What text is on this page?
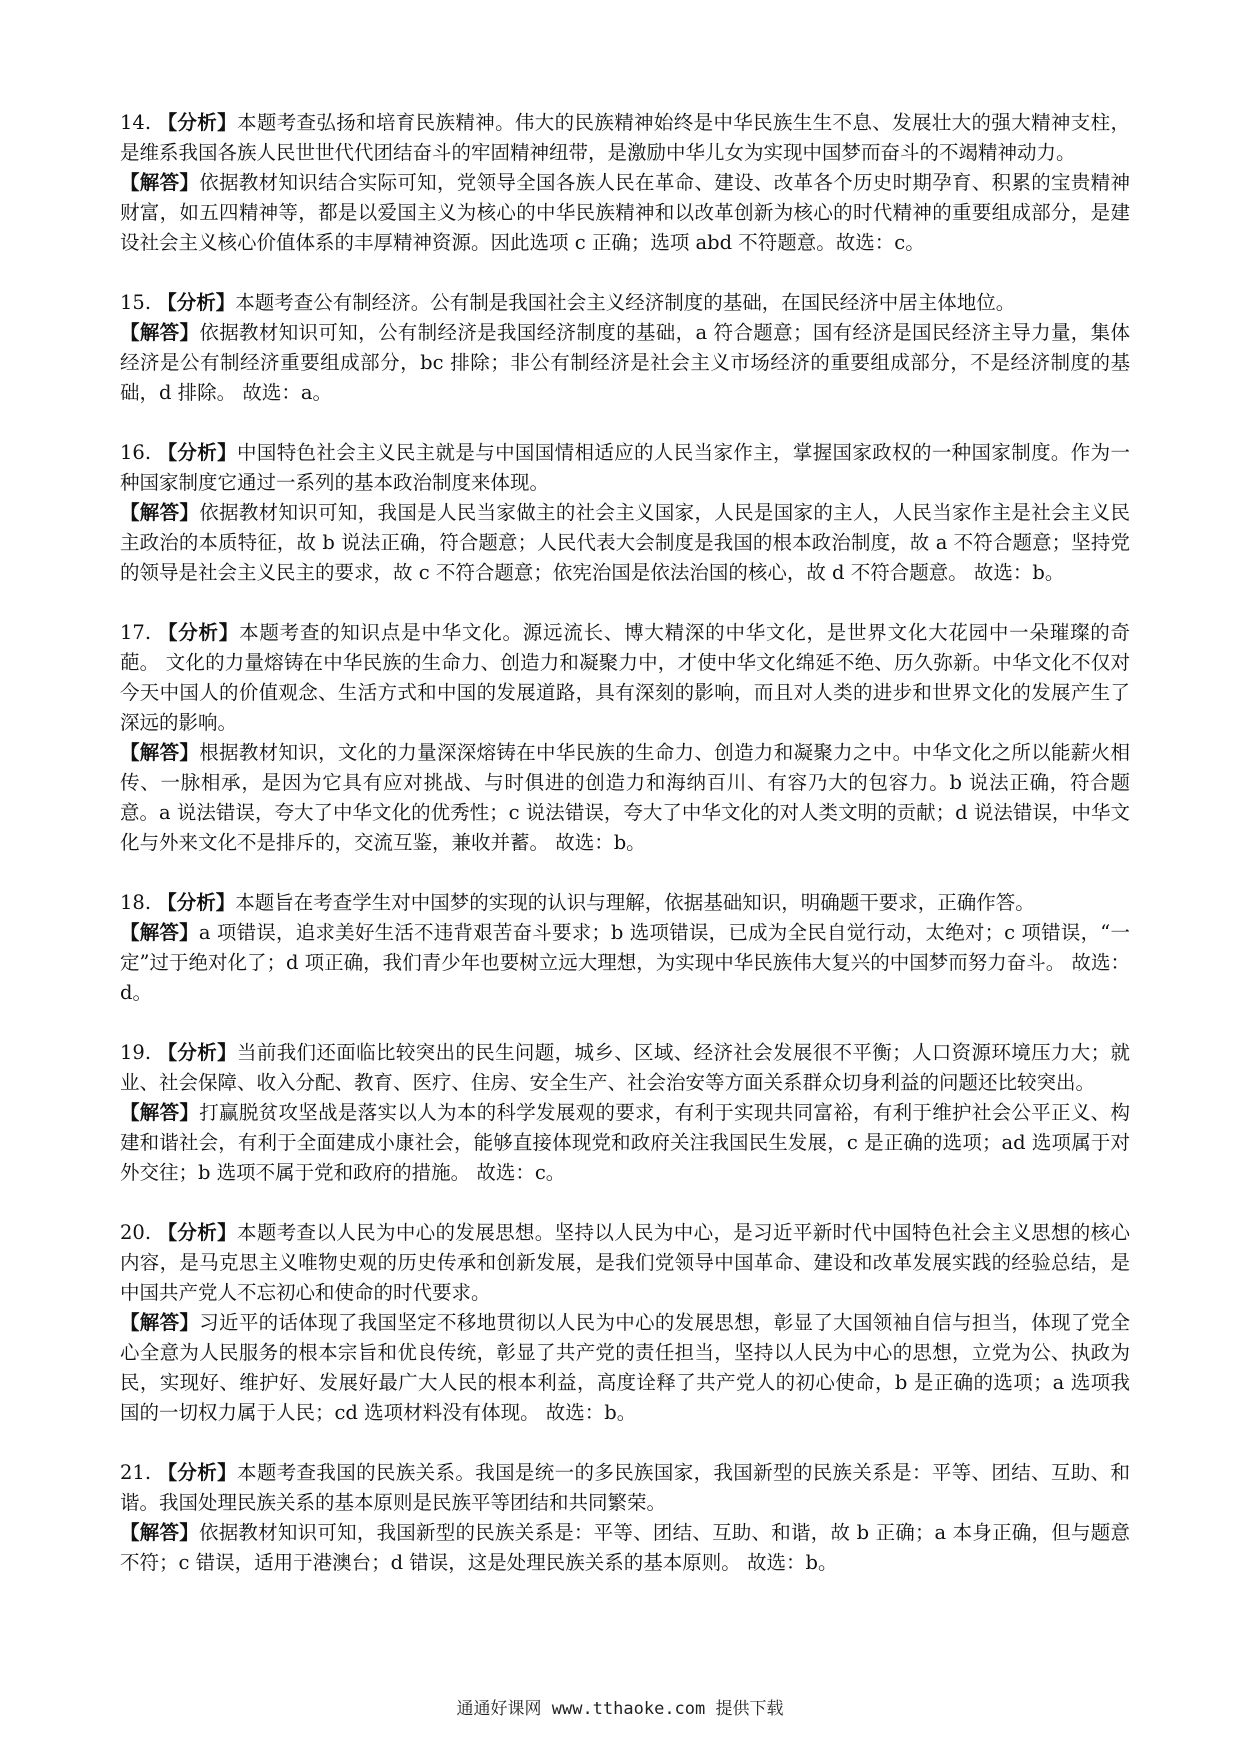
14. 【分析】本题考查弘扬和培育民族精神。伟大的民族精神始终是中华民族生生不息、发展壮大的强大精神支柱，是维系我国各族人民世世代代团结奋斗的牢固精神纽带，是激励中华儿女为实现中国梦而奋斗的不竭精神动力。

【解答】依据教材知识结合实际可知，党领导全国各族人民在革命、建设、改革各个历史时期孕育、积累的宝贵精神财富，如五四精神等，都是以爱国主义为核心的中华民族精神和以改革创新为核心的时代精神的重要组成部分，是建设社会主义核心价值体系的丰厚精神资源。因此选项 c 正确；选项 abd 不符题意。故选：c。

15. 【分析】本题考查公有制经济。公有制是我国社会主义经济制度的基础，在国民经济中居主体地位。

【解答】依据教材知识可知，公有制经济是我国经济制度的基础，a 符合题意；国有经济是国民经济主导力量，集体经济是公有制经济重要组成部分，bc 排除；非公有制经济是社会主义市场经济的重要组成部分，不是经济制度的基础，d 排除。 故选：a。

16. 【分析】中国特色社会主义民主就是与中国国情相适应的人民当家作主，掌握国家政权的一种国家制度。作为一种国家制度它通过一系列的基本政治制度来体现。

【解答】依据教材知识可知，我国是人民当家做主的社会主义国家，人民是国家的主人，人民当家作主是社会主义民主政治的本质特征，故 b 说法正确，符合题意；人民代表大会制度是我国的根本政治制度，故 a 不符合题意；坚持党的领导是社会主义民主的要求，故 c 不符合题意；依宪治国是依法治国的核心，故 d 不符合题意。 故选：b。

17. 【分析】本题考查的知识点是中华文化。源远流长、博大精深的中华文化，是世界文化大花园中一朵璀璨的奇葩。 文化的力量熔铸在中华民族的生命力、创造力和凝聚力中，才使中华文化绵延不绝、历久弥新。中华文化不仅对今天中国人的价值观念、生活方式和中国的发展道路，具有深刻的影响，而且对人类的进步和世界文化的发展产生了深远的影响。

【解答】根据教材知识，文化的力量深深熔铸在中华民族的生命力、创造力和凝聚力之中。中华文化之所以能薪火相传、一脉相承，是因为它具有应对挑战、与时俱进的创造力和海纳百川、有容乃大的包容力。b 说法正确，符合题意。a 说法错误，夸大了中华文化的优秀性；c 说法错误，夸大了中华文化的对人类文明的贡献；d 说法错误，中华文化与外来文化不是排斥的，交流互鉴，兼收并蓄。 故选：b。

18. 【分析】本题旨在考查学生对中国梦的实现的认识与理解，依据基础知识，明确题干要求，正确作答。

【解答】a 项错误，追求美好生活不违背艰苦奋斗要求；b 选项错误，已成为全民自觉行动，太绝对；c 项错误，“一定”过于绝对化了；d 项正确，我们青少年也要树立远大理想，为实现中华民族伟大复兴的中国梦而努力奋斗。 故选：d。

19. 【分析】当前我们还面临比较突出的民生问题，城乡、区域、经济社会发展很不平衡；人口资源环境压力大；就业、社会保障、收入分配、教育、医疗、住房、安全生产、社会治安等方面关系群众切身利益的问题还比较突出。

【解答】打赢脱贫攻坚战是落实以人为本的科学发展观的要求，有利于实现共同富裕，有利于维护社会公平正义、构建和谐社会，有利于全面建成小康社会，能够直接体现党和政府关注我国民生发展，c 是正确的选项；ad 选项属于对外交往；b 选项不属于党和政府的措施。 故选：c。

20. 【分析】本题考查以人民为中心的发展思想。坚持以人民为中心，是习近平新时代中国特色社会主义思想的核心内容，是马克思主义唯物史观的历史传承和创新发展，是我们党领导中国革命、建设和改革发展实践的经验总结，是中国共产党人不忘初心和使命的时代要求。

【解答】习近平的话体现了我国坚定不移地贯彻以人民为中心的发展思想，彰显了大国领袖自信与担当，体现了党全心全意为人民服务的根本宗旨和优良传统，彰显了共产党的责任担当，坚持以人民为中心的思想，立党为公、执政为民，实现好、维护好、发展好最广大人民的根本利益，高度诠释了共产党人的初心使命，b 是正确的选项；a 选项我国的一切权力属于人民；cd 选项材料没有体现。 故选：b。

21. 【分析】本题考查我国的民族关系。我国是统一的多民族国家，我国新型的民族关系是：平等、团结、互助、和谐。我国处理民族关系的基本原则是民族平等团结和共同繁荣。

【解答】依据教材知识可知，我国新型的民族关系是：平等、团结、互助、和谐，故 b 正确；a 本身正确，但与题意不符；c 错误，适用于港澳台；d 错误，这是处理民族关系的基本原则。 故选：b。

通通好课网 www.tthaoke.com 提供下载
